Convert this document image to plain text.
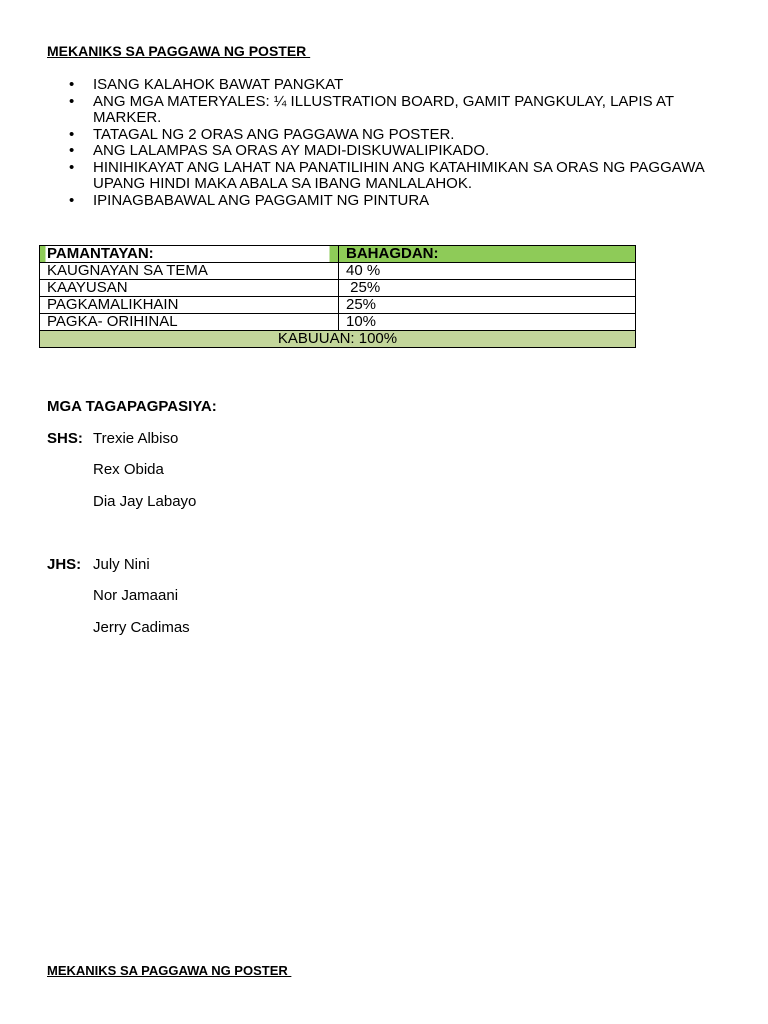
MEKANIKS SA PAGGAWA NG POSTER
• ISANG KALAHOK BAWAT PANGKAT
• ANG MGA MATERYALES: ¼ ILLUSTRATION BOARD, GAMIT PANGKULAY, LAPIS AT MARKER.
• TATAGAL NG 2 ORAS ANG PAGGAWA NG POSTER.
• ANG LALAMPAS SA ORAS AY MADI-DISKUWALIPIKADO.
• HINIHIKAYAT ANG LAHAT NA PANATILIHIN ANG KATAHIMIKAN SA ORAS NG PAGGAWA UPANG HINDI MAKA ABALA SA IBANG MANLALAHOK.
• IPINAGBABAWAL ANG PAGGAMIT NG PINTURA
PAMANTAYAN:	BAHAGDAN:
KAUGNAYAN SA TEMA	40 %
KAAYUSAN	25%
PAGKAMALIKHAIN	25%
PAGKA- ORIHINAL	10%
KABUUAN: 100%	
MGA TAGAPAGPASIYA:
SHS: Trexie Albiso
Rex Obida
Dia Jay Labayo
JHS: July Nini
Nor Jamaani
Jerry Cadimas
MEKANIKS SA PAGGAWA NG POSTER
